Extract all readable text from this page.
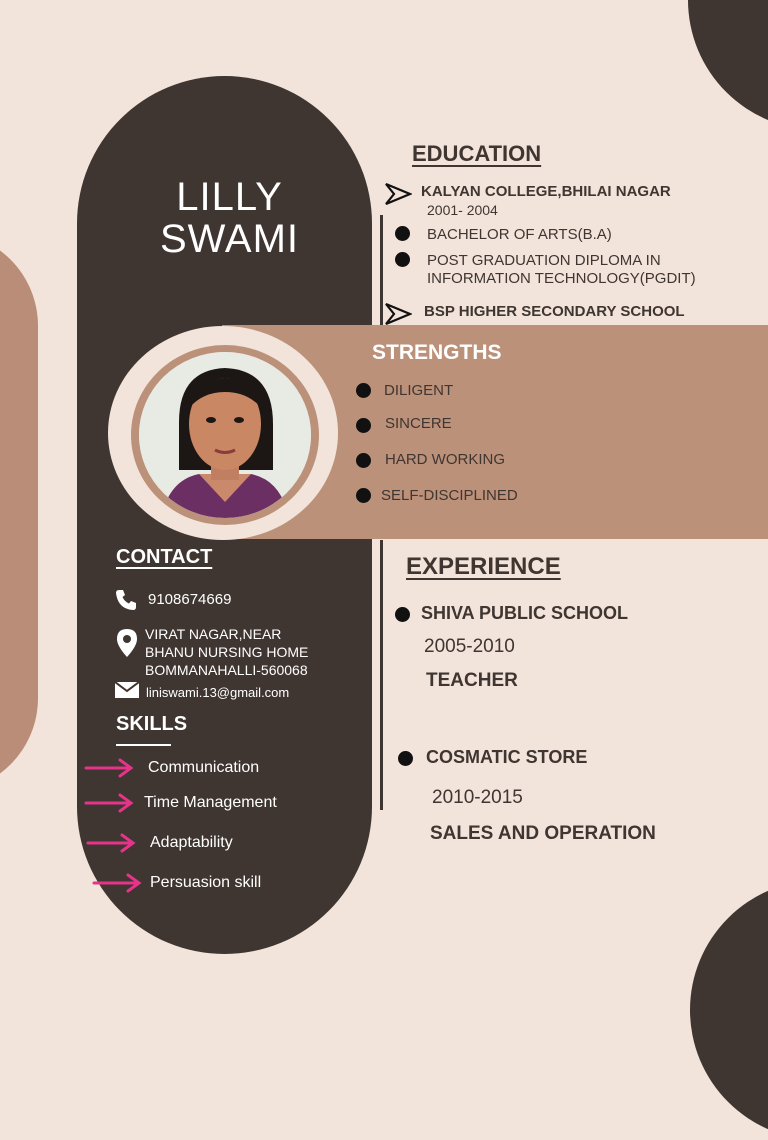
LILLY
SWAMI
EDUCATION
KALYAN COLLEGE,BHILAI NAGAR
2001- 2004
BACHELOR OF ARTS(B.A)
POST GRADUATION DIPLOMA IN
INFORMATION TECHNOLOGY(PGDIT)
BSP HIGHER SECONDARY SCHOOL
STRENGTHS
DILIGENT
SINCERE
HARD WORKING
SELF-DISCIPLINED
CONTACT
9108674669
VIRAT NAGAR,NEAR
BHANU NURSING HOME
BOMMANAHALLI-560068
liniswami.13@gmail.com
SKILLS
Communication
Time Management
Adaptability
Persuasion skill
EXPERIENCE
SHIVA PUBLIC SCHOOL
2005-2010
TEACHER
COSMATIC STORE
2010-2015
SALES AND OPERATION
